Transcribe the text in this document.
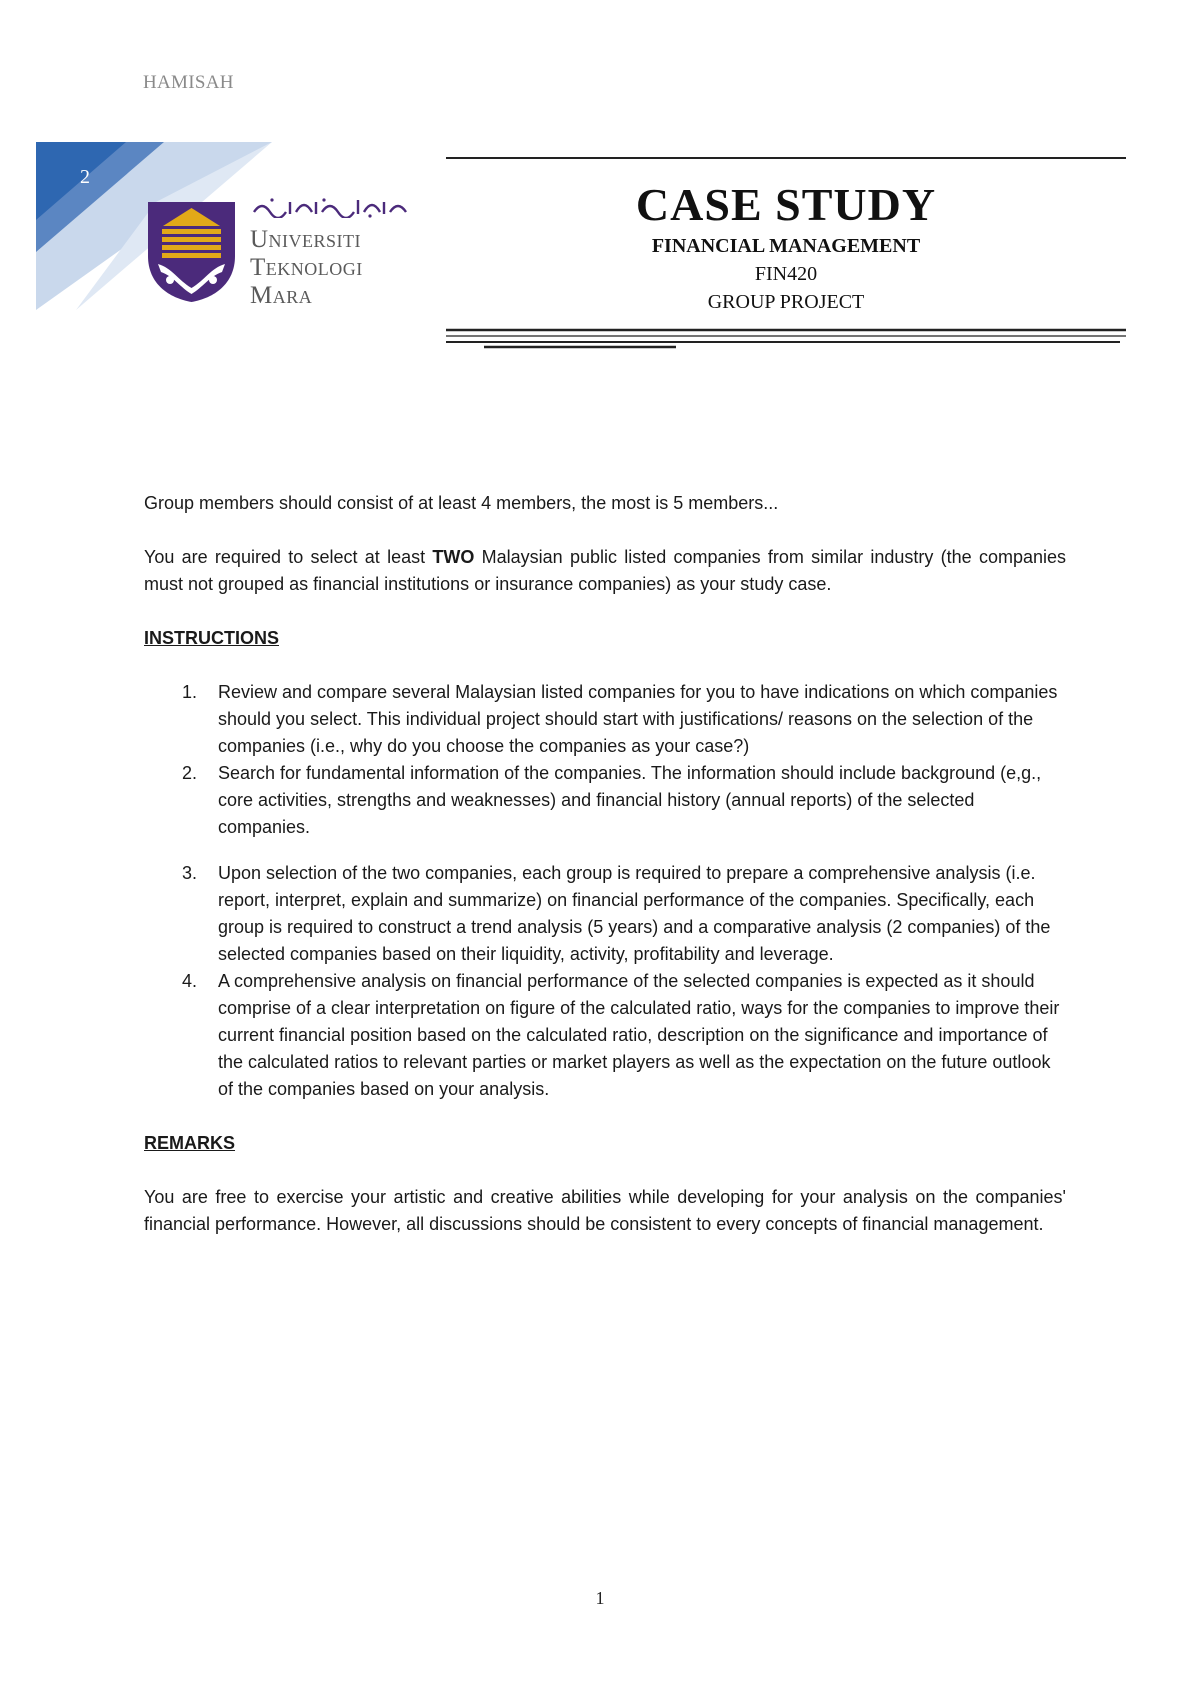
HAMISAH
2
Universiti
Teknologi
Mara
CASE STUDY
FINANCIAL MANAGEMENT
FIN420
GROUP PROJECT

Group members should consist of at least 4 members, the most is 5 members...

You are required to select at least TWO Malaysian public listed companies from similar industry (the companies must not grouped as financial institutions or insurance companies) as your study case.

INSTRUCTIONS

1. Review and compare several Malaysian listed companies for you to have indications on which companies should you select. This individual project should start with justifications/ reasons on the selection of the companies (i.e., why do you choose the companies as your case?)
2. Search for fundamental information of the companies. The information should include background (e,g., core activities, strengths and weaknesses) and financial history (annual reports) of the selected companies.
3. Upon selection of the two companies, each group is required to prepare a comprehensive analysis (i.e. report, interpret, explain and summarize) on financial performance of the companies. Specifically, each group is required to construct a trend analysis (5 years) and a comparative analysis (2 companies) of the selected companies based on their liquidity, activity, profitability and leverage.
4. A comprehensive analysis on financial performance of the selected companies is expected as it should comprise of a clear interpretation on figure of the calculated ratio, ways for the companies to improve their current financial position based on the calculated ratio, description on the significance and importance of the calculated ratios to relevant parties or market players as well as the expectation on the future outlook of the companies based on your analysis.

REMARKS

You are free to exercise your artistic and creative abilities while developing for your analysis on the companies' financial performance. However, all discussions should be consistent to every concepts of financial management.

1
